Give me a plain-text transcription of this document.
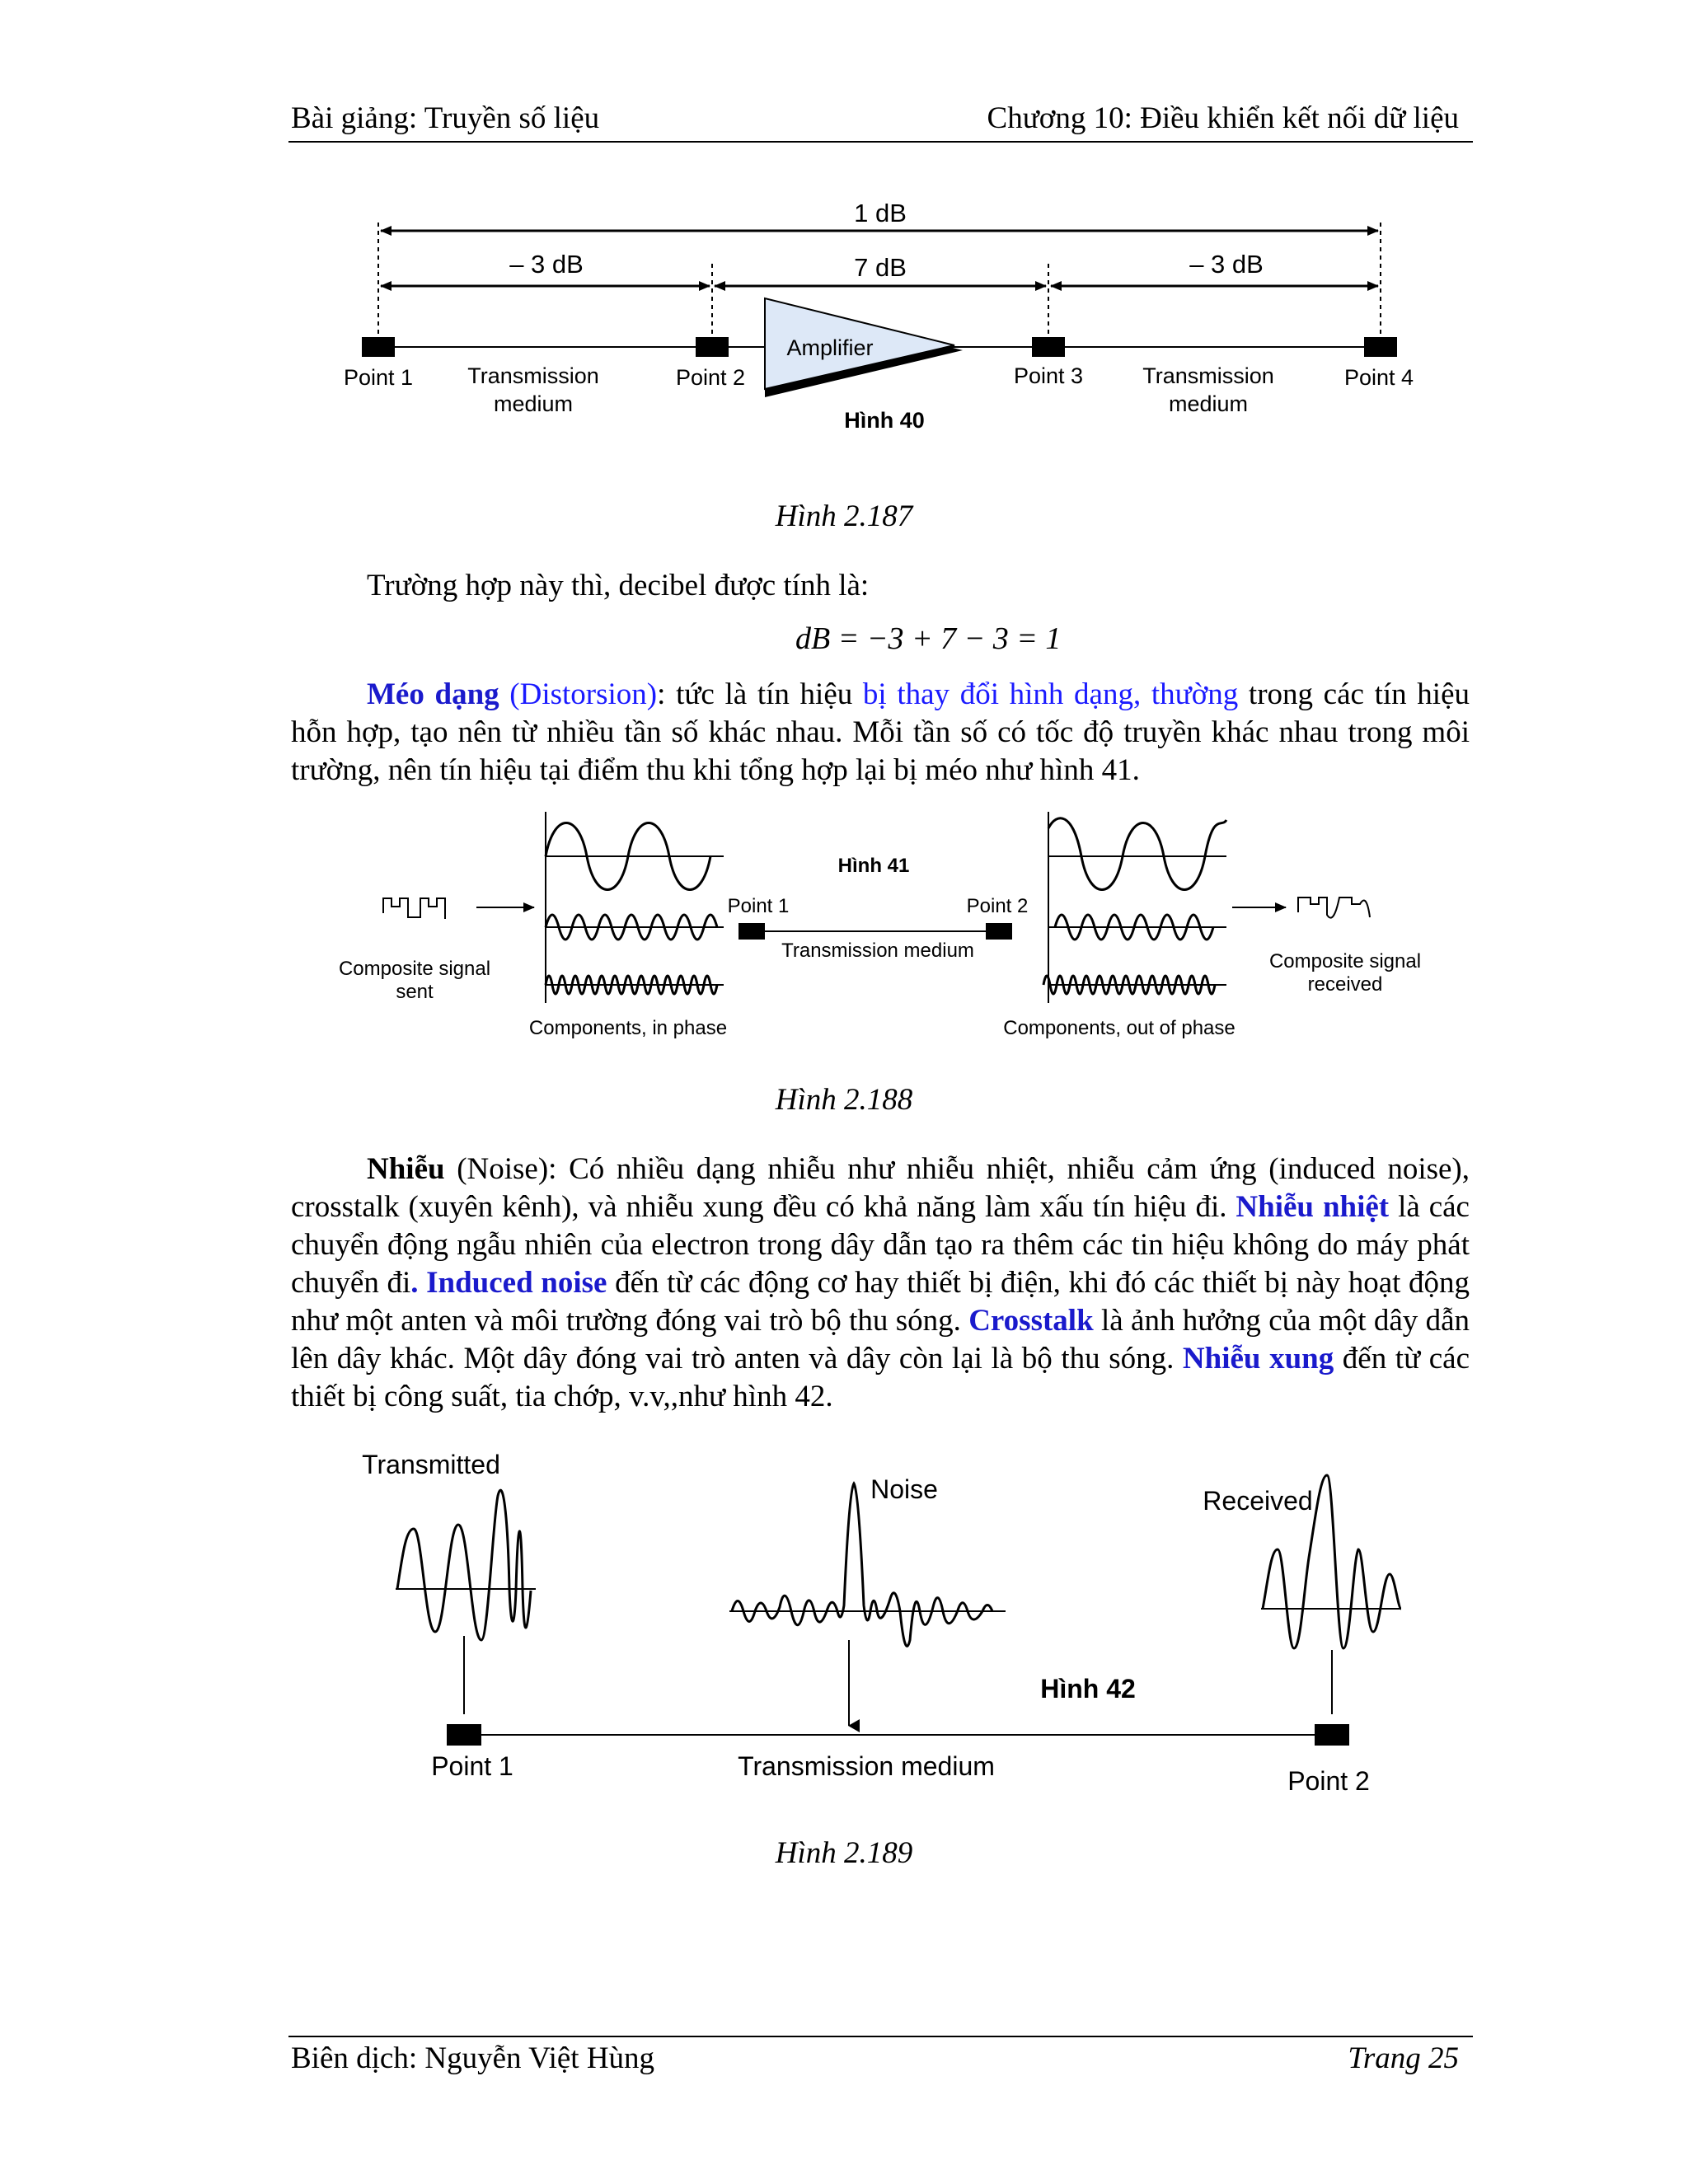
Bài giảng: Truyền số liệu	Chương 10: Điều khiển kết nối dữ liệu
1 dB
– 3 dB	7 dB	– 3 dB
Amplifier
Point 1 Transmission
medium
Point 2	Point 3	Transmission
medium
Point 4
Hình 40
Hình 2.187

Trường hợp này thì, decibel được tính là:

dB = −3 + 7 − 3 = 1

Méo dạng (Distorsion): tức là tín hiệu bị thay đổi hình dạng, thường trong các tín hiệu hỗn hợp, tạo nên từ nhiều tần số khác nhau. Mỗi tần số có tốc độ truyền khác nhau trong môi trường, nên tín hiệu tại điểm thu khi tổng hợp lại bị méo như hình 41.

Composite signal
sent
Components, in phase
Hình 41
Point 1	Point 2
Transmission medium
Components, out of phase
Composite signal
received
Hình 2.188

Nhiễu (Noise): Có nhiều dạng nhiễu như nhiễu nhiệt, nhiễu cảm ứng (induced noise), crosstalk (xuyên kênh), và nhiễu xung đều có khả năng làm xấu tín hiệu đi. Nhiễu nhiệt là các chuyển động ngẫu nhiên của electron trong dây dẫn tạo ra thêm các tin hiệu không do máy phát chuyển đi. Induced noise đến từ các động cơ hay thiết bị điện, khi đó các thiết bị này hoạt động như một anten và môi trường đóng vai trò bộ thu sóng. Crosstalk là ảnh hưởng của một dây dẫn lên dây khác. Một dây đóng vai trò anten và dây còn lại là bộ thu sóng. Nhiễu xung đến từ các thiết bị công suất, tia chớp, v.v,,như hình 42.

Transmitted
Noise	Received
Hình 42
Point 1	Transmission medium	Point 2
Hình 2.189
Biên dịch: Nguyễn Việt Hùng	Trang 25
